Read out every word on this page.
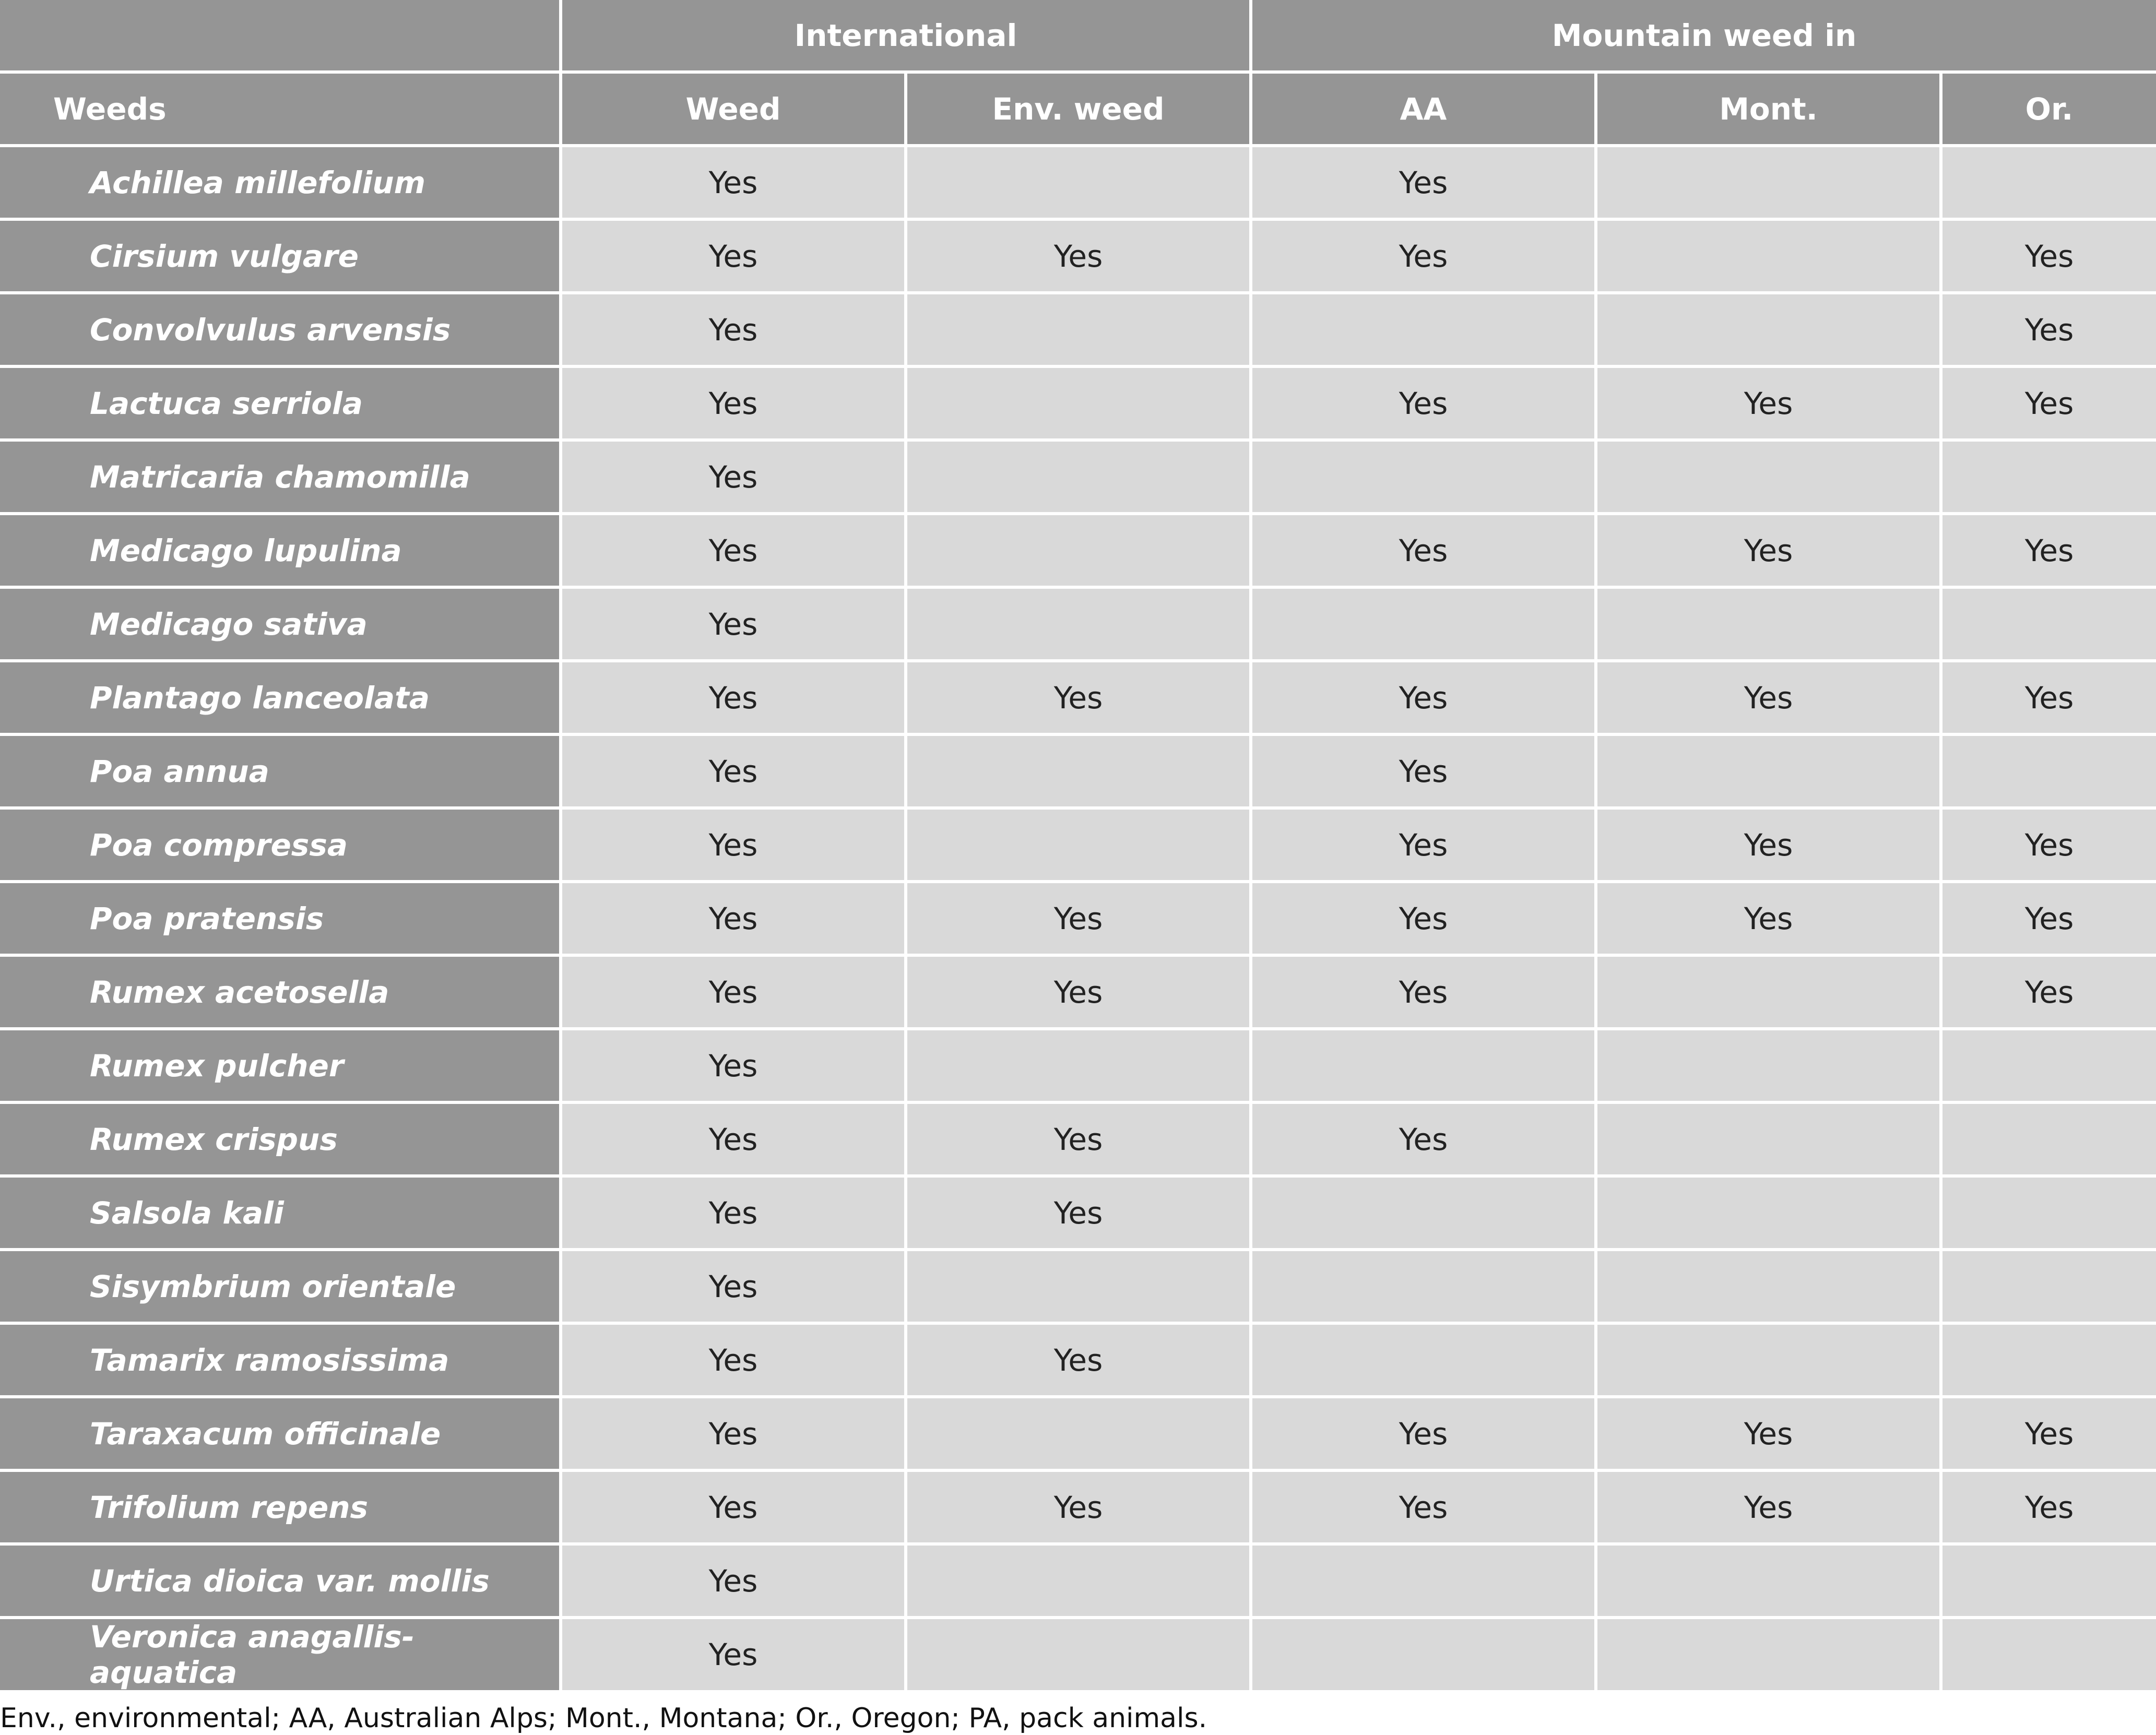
	International		Mountain weed in		
Weeds	Weed	Env. weed	AA	Mont.	Or.
Achillea millefolium	Yes		Yes		
Cirsium vulgare	Yes	Yes	Yes		Yes
Convolvulus arvensis	Yes				Yes
Lactuca serriola	Yes		Yes	Yes	Yes
Matricaria chamomilla	Yes				
Medicago lupulina	Yes		Yes	Yes	Yes
Medicago sativa	Yes				
Plantago lanceolata	Yes	Yes	Yes	Yes	Yes
Poa annua	Yes		Yes		
Poa compressa	Yes		Yes	Yes	Yes
Poa pratensis	Yes	Yes	Yes	Yes	Yes
Rumex acetosella	Yes	Yes	Yes		Yes
Rumex pulcher	Yes				
Rumex crispus	Yes	Yes	Yes		
Salsola kali	Yes	Yes			
Sisymbrium orientale	Yes				
Tamarix ramosissima	Yes	Yes			
Taraxacum officinale	Yes		Yes	Yes	Yes
Trifolium repens	Yes	Yes	Yes	Yes	Yes
Urtica dioica var. mollis	Yes				
Veronica anagallis-aquatica	Yes				
Env., environmental; AA, Australian Alps; Mont., Montana; Or., Oregon; PA, pack animals.
